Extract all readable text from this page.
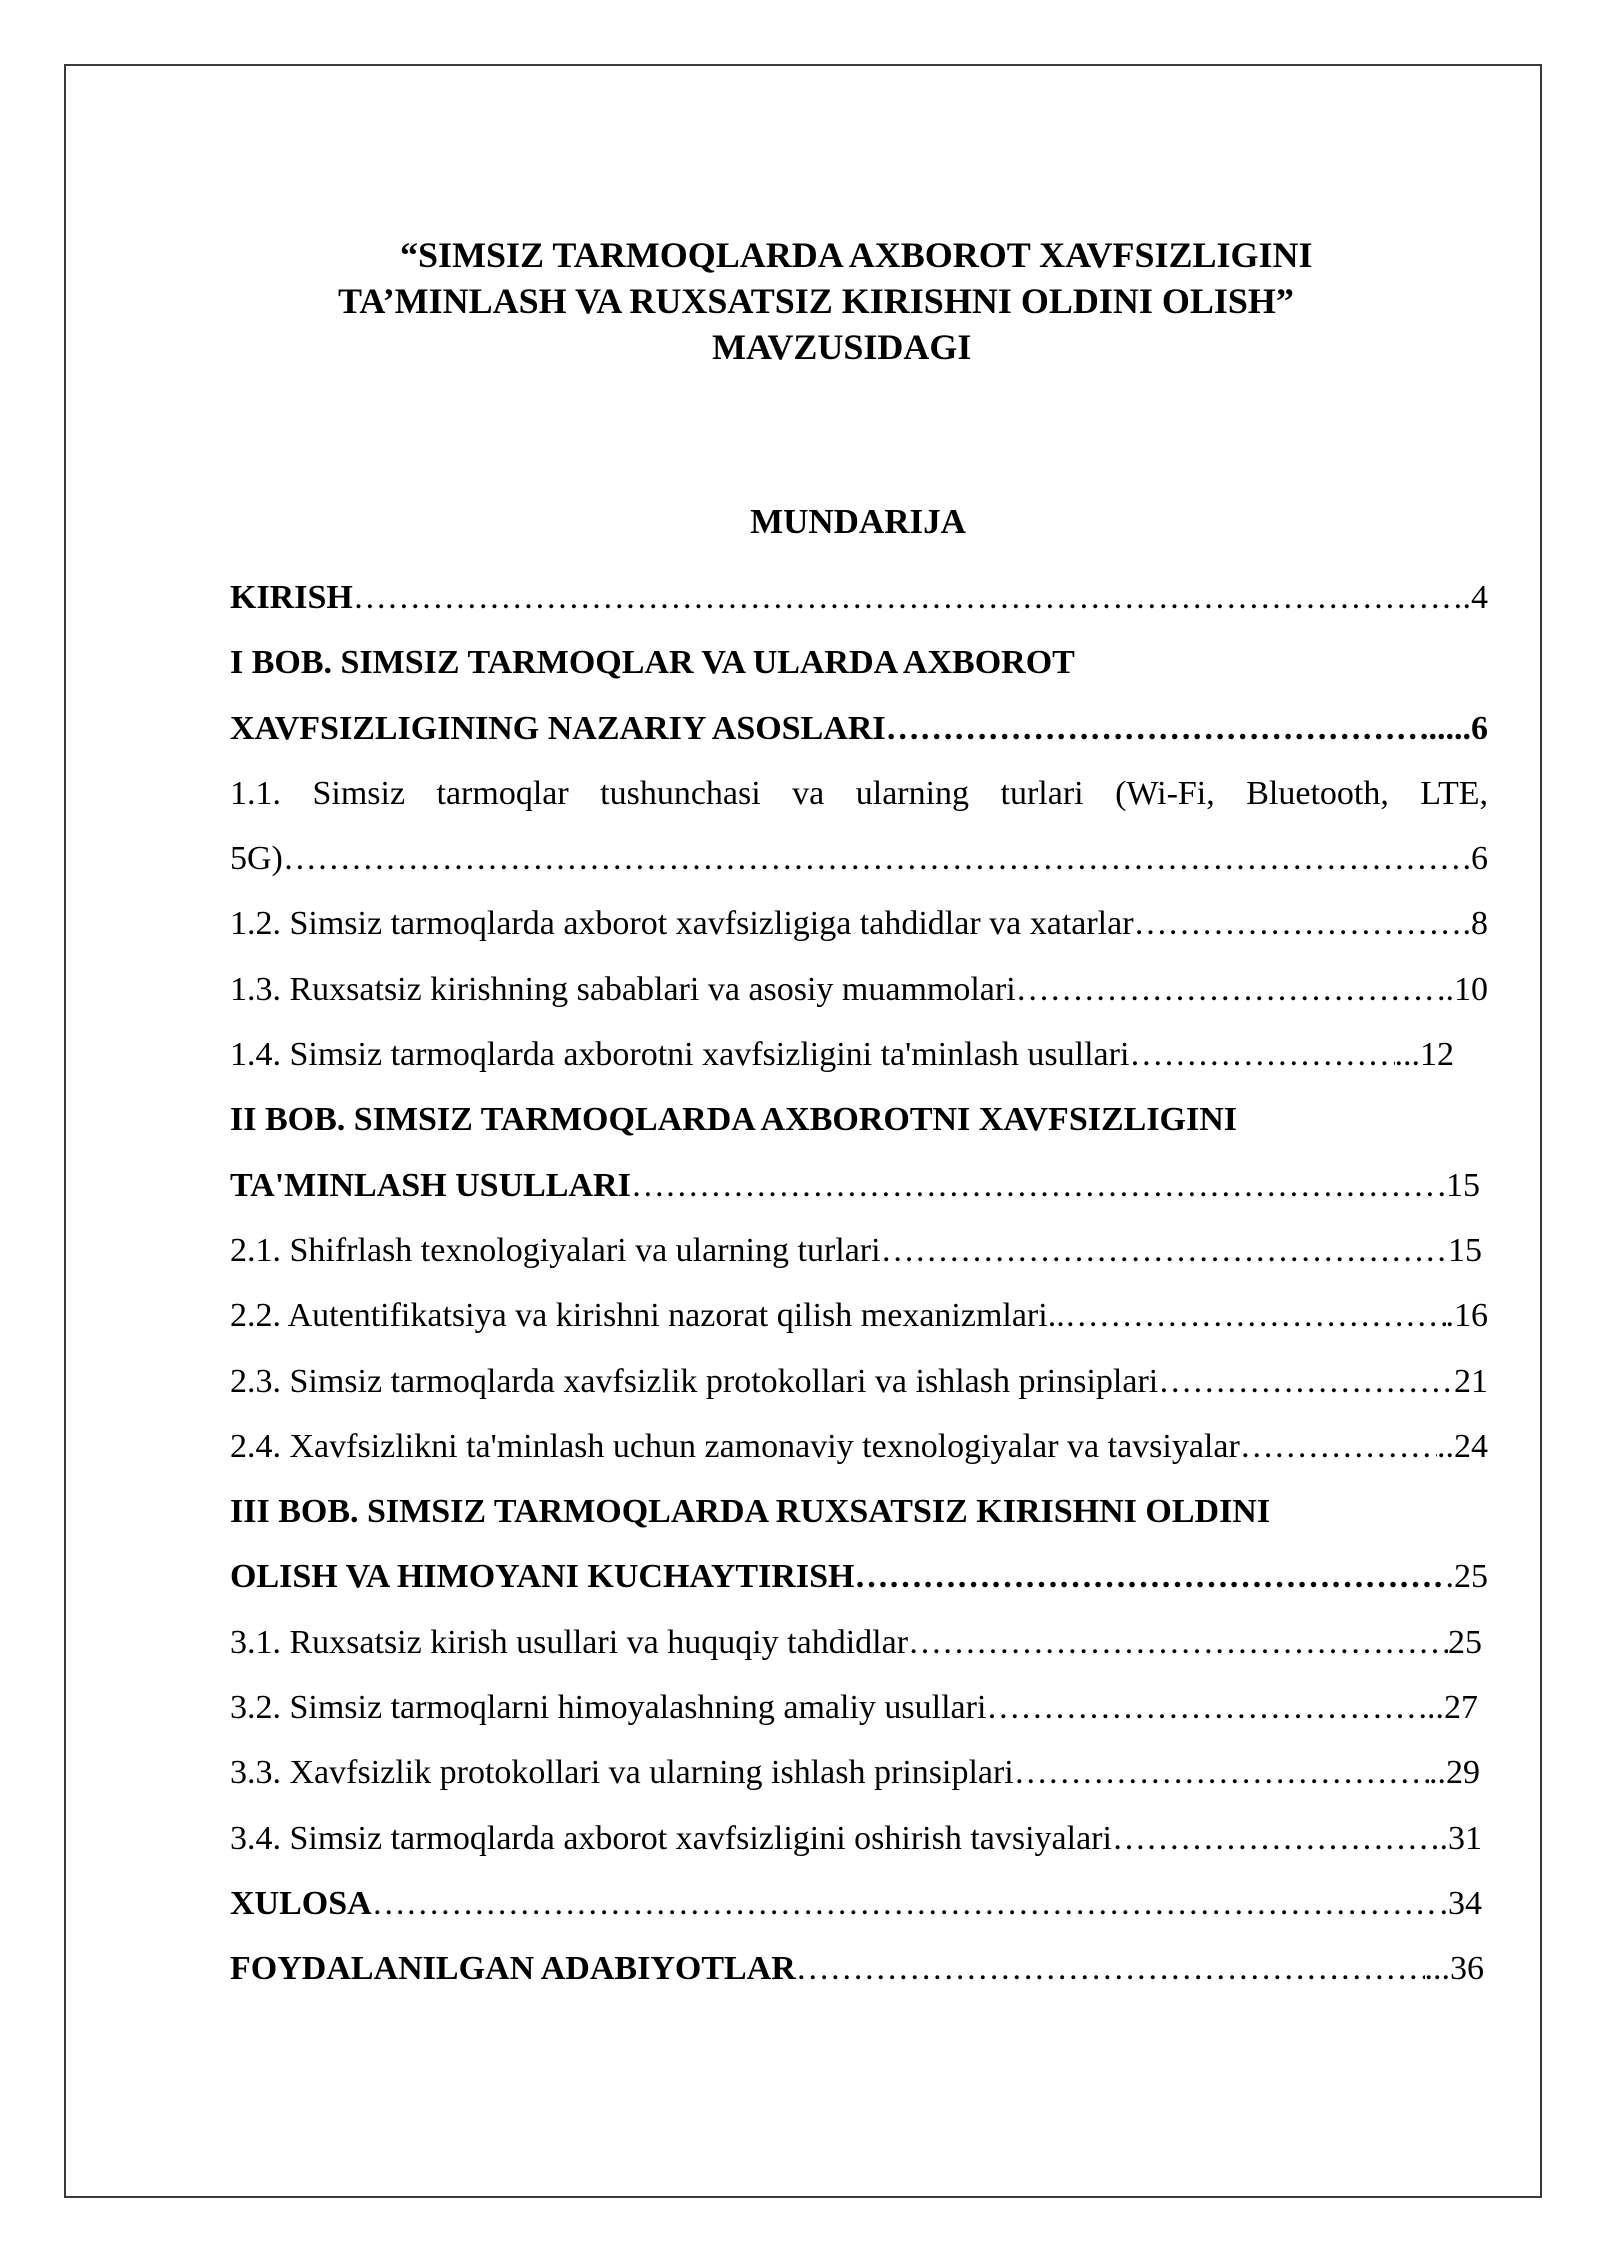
“SIMSIZ TARMOQLARDA AXBOROT XAVFSIZLIGINI
TA’MINLASH VA RUXSATSIZ KIRISHNI OLDINI OLISH”
MAVZUSIDAGI
MUNDARIJA
KIRISH ……………………………………………………………………………………………………………………………………………………	.4
I BOB. SIMSIZ TARMOQLAR VA ULARDA AXBOROT
XAVFSIZLIGINING NAZARIY ASOSLARI ……………………………………………………………………………………………………………………………………………………	.....6
1.1. Simsiz tarmoqlar tushunchasi va ularning turlari (Wi-Fi, Bluetooth, LTE,
5G) ……………………………………………………………………………………………………………………………………………………	.6
1.2. Simsiz tarmoqlarda axborot xavfsizligiga tahdidlar va xatarlar ……………………………………………………………………………………………………………………………………………………	.8
1.3. Ruxsatsiz kirishning sabablari va asosiy muammolari ……………………………………………………………………………………………………………………………………………………	..10
1.4. Simsiz tarmoqlarda axborotni xavfsizligini ta'minlash usullari ……………………………………………………………………………………………………………………………………………………	...12
II BOB. SIMSIZ TARMOQLARDA AXBOROTNI XAVFSIZLIGINI
TA'MINLASH USULLARI ……………………………………………………………………………………………………………………………………………………	.15
2.1. Shifrlash texnologiyalari va ularning turlari ……………………………………………………………………………………………………………………………………………………	15
2.2. Autentifikatsiya va kirishni nazorat qilish mexanizmlari.. ……………………………………………………………………………………………………………………………………………………	.16
2.3. Simsiz tarmoqlarda xavfsizlik protokollari va ishlash prinsiplari ……………………………………………………………………………………………………………………………………………………	21
2.4. Xavfsizlikni ta'minlash uchun zamonaviy texnologiyalar va tavsiyalar ……………………………………………………………………………………………………………………………………………………	..24
III BOB. SIMSIZ TARMOQLARDA RUXSATSIZ KIRISHNI OLDINI
OLISH VA HIMOYANI KUCHAYTIRISH ……………………………………………………………………………………………………………………………………………………	.25
3.1. Ruxsatsiz kirish usullari va huquqiy tahdidlar ……………………………………………………………………………………………………………………………………………………	25
3.2. Simsiz tarmoqlarni himoyalashning amaliy usullari ……………………………………………………………………………………………………………………………………………………	...27
3.3. Xavfsizlik protokollari va ularning ishlash prinsiplari ……………………………………………………………………………………………………………………………………………………	..29
3.4. Simsiz tarmoqlarda axborot xavfsizligini oshirish tavsiyalari ……………………………………………………………………………………………………………………………………………………	.31
XULOSA ……………………………………………………………………………………………………………………………………………………	.34
FOYDALANILGAN ADABIYOTLAR ……………………………………………………………………………………………………………………………………………………	...36
